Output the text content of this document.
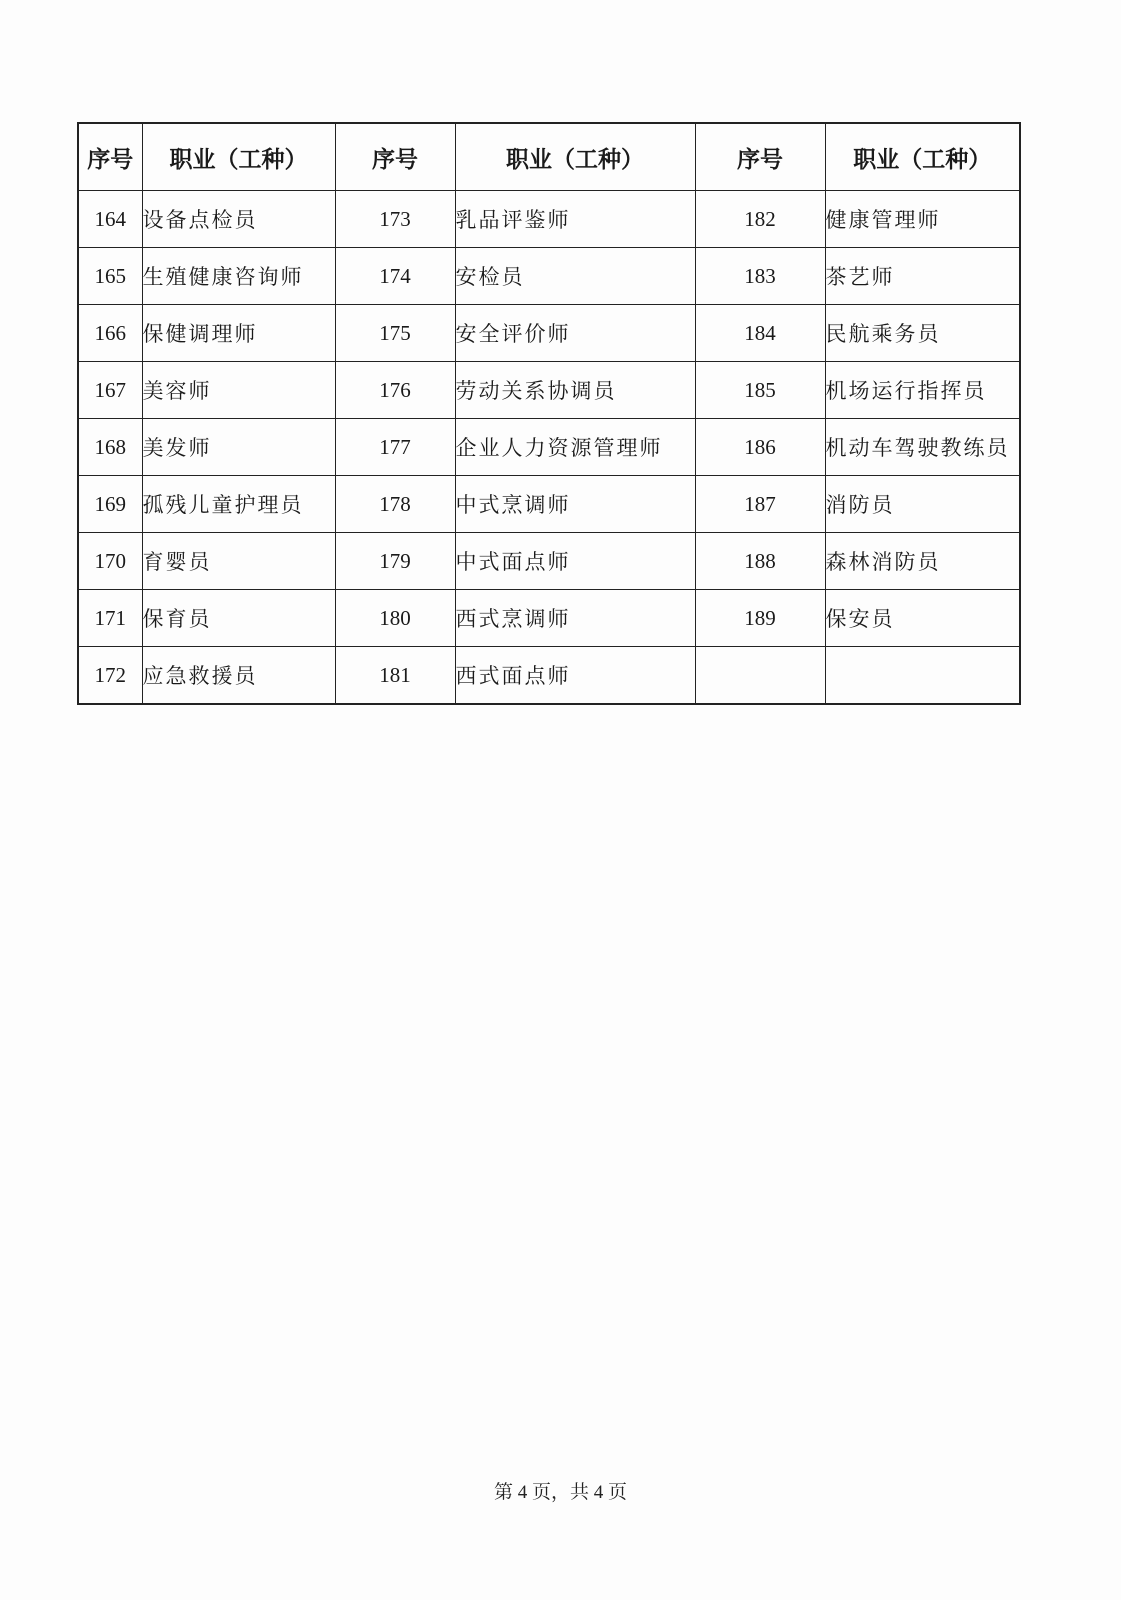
序号	职业（工种）	序号	职业（工种）	序号	职业（工种）
164	设备点检员	173	乳品评鉴师	182	健康管理师
165	生殖健康咨询师	174	安检员	183	茶艺师
166	保健调理师	175	安全评价师	184	民航乘务员
167	美容师	176	劳动关系协调员	185	机场运行指挥员
168	美发师	177	企业人力资源管理师	186	机动车驾驶教练员
169	孤残儿童护理员	178	中式烹调师	187	消防员
170	育婴员	179	中式面点师	188	森林消防员
171	保育员	180	西式烹调师	189	保安员
172	应急救援员	181	西式面点师		
第 4 页，共 4 页
